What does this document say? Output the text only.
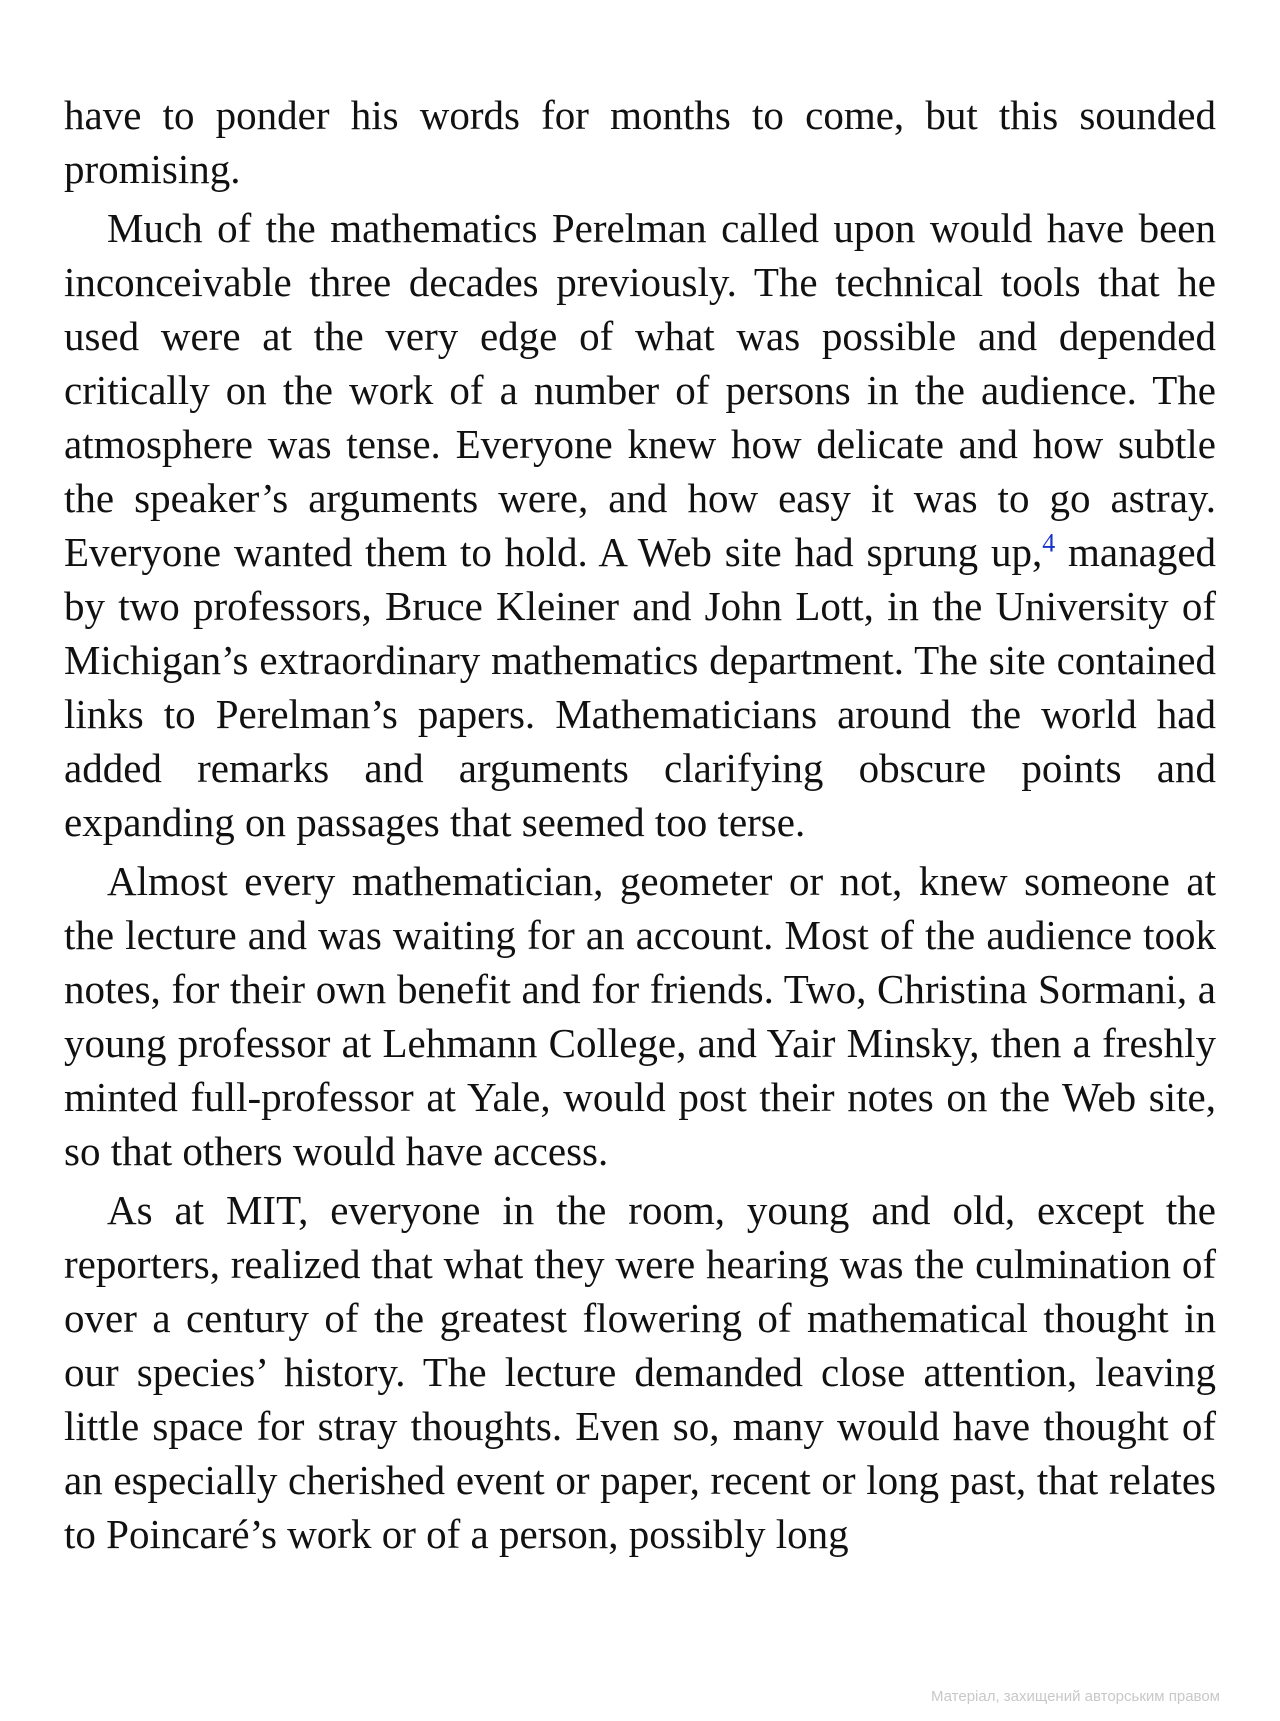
have to ponder his words for months to come, but this sounded promising.

Much of the mathematics Perelman called upon would have been inconceivable three decades previously. The technical tools that he used were at the very edge of what was possible and depended critically on the work of a number of persons in the audience. The atmosphere was tense. Everyone knew how delicate and how subtle the speaker’s arguments were, and how easy it was to go astray. Everyone wanted them to hold. A Web site had sprung up,$^4$ managed by two professors, Bruce Kleiner and John Lott, in the University of Michigan’s extraordinary mathematics department. The site contained links to Perelman’s papers. Mathematicians around the world had added remarks and arguments clarifying obscure points and expanding on passages that seemed too terse.

Almost every mathematician, geometer or not, knew someone at the lecture and was waiting for an account. Most of the audience took notes, for their own benefit and for friends. Two, Christina Sormani, a young professor at Lehmann College, and Yair Minsky, then a freshly minted full-professor at Yale, would post their notes on the Web site, so that others would have access.

As at MIT, everyone in the room, young and old, except the reporters, realized that what they were hearing was the culmination of over a century of the greatest flowering of mathematical thought in our species’ history. The lecture demanded close attention, leaving little space for stray thoughts. Even so, many would have thought of an especially cherished event or paper, recent or long past, that relates to Poincaré’s work or of a person, possibly long

Матеріал, захищений авторським правом
